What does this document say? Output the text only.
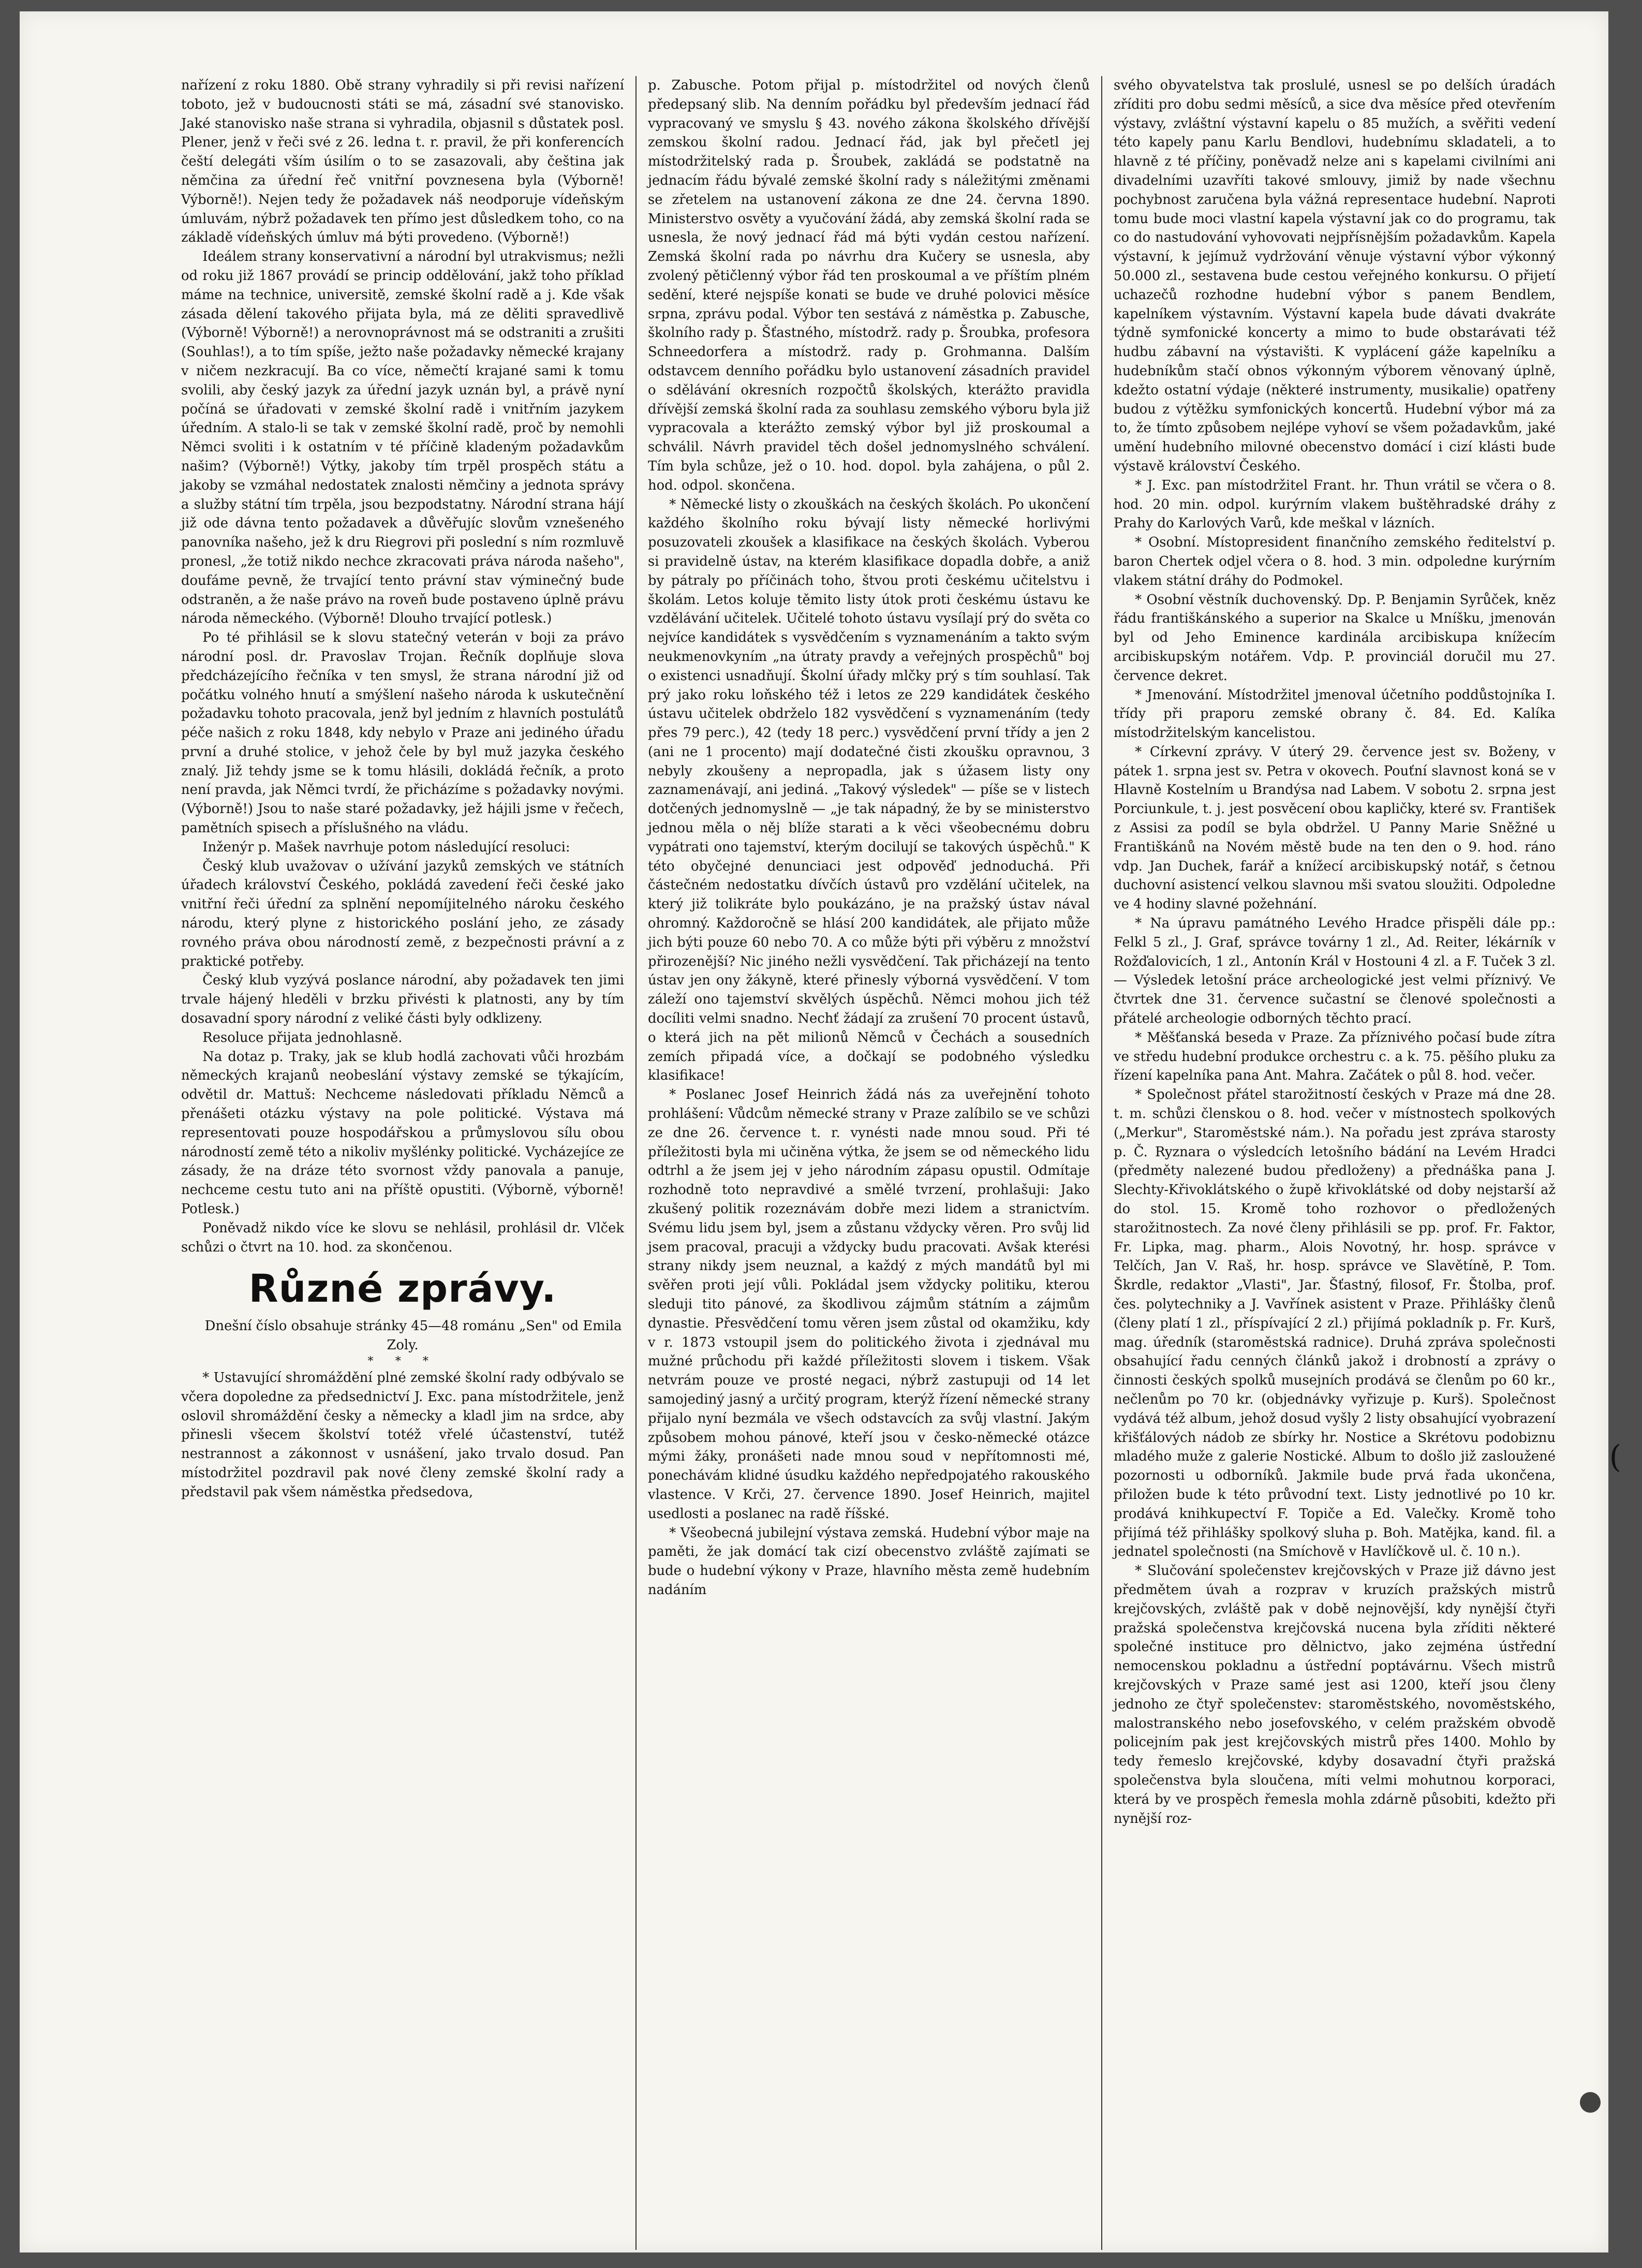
nařízení z roku 1880. Obě strany vyhradily si při revisi nařízení toboto, jež v budoucnosti státi se má, zásadní své stanovisko. Jaké stanovisko naše strana si vyhradila, objasnil s důstatek posl. Plener, jenž v řeči své z 26. ledna t. r. pravil, že při konferencích čeští delegáti vším úsilím o to se zasazovali, aby čeština jak němčina za úřední řeč vnitřní povznesena byla (Výborně! Výborně!). Nejen tedy že požadavek náš neodporuje vídeňským úmluvám, nýbrž požadavek ten přímo jest důsledkem toho, co na základě vídeňských úmluv má býti provedeno. (Výborně!)

Ideálem strany konservativní a národní byl utrakvismus; nežli od roku již 1867 provádí se princip oddělování, jakž toho příklad máme na technice, universitě, zemské školní radě a j. Kde však zásada dělení takového přijata byla, má ze děliti spravedlivě (Výborně! Výborně!) a nerovnoprávnost má se odstraniti a zrušiti (Souhlas!), a to tím spíše, ježto naše požadavky německé krajany v ničem nezkracují. Ba co více, němečtí krajané sami k tomu svolili, aby český jazyk za úřední jazyk uznán byl, a právě nyní počíná se úřadovati v zemské školní radě i vnitřním jazykem úředním. A stalo-li se tak v zemské školní radě, proč by nemohli Němci svoliti i k ostatním v té příčině kladeným požadavkům našim? (Výborně!) Výtky, jakoby tím trpěl prospěch státu a jakoby se vzmáhal nedostatek znalosti němčiny a jednota správy a služby státní tím trpěla, jsou bezpodstatny. Národní strana hájí již ode dávna tento požadavek a důvěřujíc slovům vznešeného panovníka našeho, jež k dru Riegrovi při poslední s ním rozmluvě pronesl, „že totiž nikdo nechce zkracovati práva národa našeho", doufáme pevně, že trvající tento právní stav výminečný bude odstraněn, a že naše právo na roveň bude postaveno úplně právu národa německého. (Výborně! Dlouho trvající potlesk.)

Po té přihlásil se k slovu statečný veterán v boji za právo národní posl. dr. Pravoslav Trojan. Řečník doplňuje slova předcházejícího řečníka v ten smysl, že strana národní již od počátku volného hnutí a smýšlení našeho národa k uskutečnění požadavku tohoto pracovala, jenž byl jedním z hlavních postulátů péče našich z roku 1848, kdy nebylo v Praze ani jediného úřadu první a druhé stolice, v jehož čele by byl muž jazyka českého znalý. Již tehdy jsme se k tomu hlásili, dokládá řečník, a proto není pravda, jak Němci tvrdí, že přicházíme s požadavky novými. (Výborně!) Jsou to naše staré požadavky, jež hájili jsme v řečech, pamětních spisech a příslušného na vládu.

Inženýr p. Mašek navrhuje potom následující resoluci:

Český klub uvažovav o užívání jazyků zemských ve státních úřadech království Českého, pokládá zavedení řeči české jako vnitřní řeči úřední za splnění nepomíjitelného nároku českého národu, který plyne z historického poslání jeho, ze zásady rovného práva obou národností země, z bezpečnosti právní a z praktické potřeby.

Český klub vyzývá poslance národní, aby požadavek ten jimi trvale hájený hleděli v brzku přivésti k platnosti, any by tím dosavadní spory národní z veliké části byly odklizeny.

Resoluce přijata jednohlasně.

Na dotaz p. Traky, jak se klub hodlá zachovati vůči hrozbám německých krajanů neobeslání výstavy zemské se týkajícím, odvětil dr. Mattuš: Nechceme následovati příkladu Němců a přenášeti otázku výstavy na pole politické. Výstava má representovati pouze hospodářskou a průmyslovou sílu obou národností země této a nikoliv myšlénky politické. Vycházejíce ze zásady, že na dráze této svornost vždy panovala a panuje, nechceme cestu tuto ani na příště opustiti. (Výborně, výborně! Potlesk.)

Poněvadž nikdo více ke slovu se nehlásil, prohlásil dr. Vlček schůzi o čtvrt na 10. hod. za skončenou.

Různé zprávy.

Dnešní číslo obsahuje stránky 45—48 románu „Sen" od Emila Zoly.

* * *

* Ustavující shromáždění plné zemské školní rady odbývalo se včera dopoledne za předsednictví J. Exc. pana místodržitele, jenž oslovil shromáždění česky a německy a kladl jim na srdce, aby přinesli všecem školství totéž vřelé účastenství, tutéž nestrannost a zákonnost v usnášení, jako trvalo dosud. Pan místodržitel pozdravil pak nové členy zemské školní rady a představil pak všem náměstka předsedova,

p. Zabusche. Potom přijal p. místodržitel od nových členů předepsaný slib. Na denním pořádku byl především jednací řád vypracovaný ve smyslu § 43. nového zákona školského dřívější zemskou školní radou. Jednací řád, jak byl přečetl jej místodržitelský rada p. Šroubek, zakládá se podstatně na jednacím řádu bývalé zemské školní rady s náležitými změnami se zřetelem na ustanovení zákona ze dne 24. června 1890. Ministerstvo osvěty a vyučování žádá, aby zemská školní rada se usnesla, že nový jednací řád má býti vydán cestou nařízení. Zemská školní rada po návrhu dra Kučery se usnesla, aby zvolený pětičlenný výbor řád ten proskoumal a ve příštím plném sedění, které nejspíše konati se bude ve druhé polovici měsíce srpna, zprávu podal. Výbor ten sestává z náměstka p. Zabusche, školního rady p. Šťastného, místodrž. rady p. Šroubka, profesora Schneedorfera a místodrž. rady p. Grohmanna. Dalším odstavcem denního pořádku bylo ustanovení zásadních pravidel o sdělávání okresních rozpočtů školských, kterážto pravidla dřívější zemská školní rada za souhlasu zemského výboru byla již vypracovala a kterážto zemský výbor byl již proskoumal a schválil. Návrh pravidel těch došel jednomyslného schválení. Tím byla schůze, jež o 10. hod. dopol. byla zahájena, o půl 2. hod. odpol. skončena.

* Německé listy o zkouškách na českých školách. Po ukončení každého školního roku bývají listy německé horlivými posuzovateli zkoušek a klasifikace na českých školách. Vyberou si pravidelně ústav, na kterém klasifikace dopadla dobře, a aniž by pátraly po příčinách toho, štvou proti českému učitelstvu i školám. Letos koluje těmito listy útok proti českému ústavu ke vzdělávání učitelek. Učitelé tohoto ústavu vysílají prý do světa co nejvíce kandidátek s vysvědčením s vyznamenáním a takto svým neukmenovkyním „na útraty pravdy a veřejných prospěchů" boj o existenci usnadňují. Školní úřady mlčky prý s tím souhlasí. Tak prý jako roku loňského též i letos ze 229 kandidátek českého ústavu učitelek obdrželo 182 vysvědčení s vyznamenáním (tedy přes 79 perc.), 42 (tedy 18 perc.) vysvědčení první třídy a jen 2 (ani ne 1 procento) mají dodatečné čisti zkoušku opravnou, 3 nebyly zkoušeny a nepropadla, jak s úžasem listy ony zaznamenávají, ani jediná. „Takový výsledek" — píše se v listech dotčených jednomyslně — „je tak nápadný, že by se ministerstvo jednou měla o něj blíže starati a k věci všeobecnému dobru vypátrati ono tajemství, kterým docilují se takových úspěchů." K této obyčejné denunciaci jest odpověď jednoduchá. Při částečném nedostatku dívčích ústavů pro vzdělání učitelek, na který již tolikráte bylo poukázáno, je na pražský ústav nával ohromný. Každoročně se hlásí 200 kandidátek, ale přijato může jich býti pouze 60 nebo 70. A co může býti při výběru z množství přirozenější? Nic jiného nežli vysvědčení. Tak přicházejí na tento ústav jen ony žákyně, které přinesly výborná vysvědčení. V tom záleží ono tajemství skvělých úspěchů. Němci mohou jich též docíliti velmi snadno. Nechť žádají za zrušení 70 procent ústavů, o která jich na pět milionů Němců v Čechách a sousedních zemích připadá více, a dočkají se podobného výsledku klasifikace!

* Poslanec Josef Heinrich žádá nás za uveřejnění tohoto prohlášení: Vůdcům německé strany v Praze zalíbilo se ve schůzi ze dne 26. července t. r. vynésti nade mnou soud. Při té příležitosti byla mi učiněna výtka, že jsem se od německého lidu odtrhl a že jsem jej v jeho národním zápasu opustil. Odmítaje rozhodně toto nepravdivé a smělé tvrzení, prohlašuji: Jako zkušený politik rozeznávám dobře mezi lidem a stranictvím. Svému lidu jsem byl, jsem a zůstanu vždycky věren. Pro svůj lid jsem pracoval, pracuji a vždycky budu pracovati. Avšak kterési strany nikdy jsem neuznal, a každý z mých mandátů byl mi svěřen proti její vůli. Pokládal jsem vždycky politiku, kterou sleduji tito pánové, za škodlivou zájmům státním a zájmům dynastie. Přesvědčení tomu věren jsem zůstal od okamžiku, kdy v r. 1873 vstoupil jsem do politického života i zjednával mu mužné průchodu při každé příležitosti slovem i tiskem. Však netvrám pouze ve prosté negaci, nýbrž zastupuji od 14 let samojediný jasný a určitý program, kterýž řízení německé strany přijalo nyní bezmála ve všech odstavcích za svůj vlastní. Jakým způsobem mohou pánové, kteří jsou v česko-německé otázce mými žáky, pronášeti nade mnou soud v nepřítomnosti mé, ponechávám klidné úsudku každého nepředpojatého rakouského vlastence. V Krči, 27. července 1890. Josef Heinrich, majitel usedlosti a poslanec na radě říšské.

* Všeobecná jubilejní výstava zemská. Hudební výbor maje na paměti, že jak domácí tak cizí obecenstvo zvláště zajímati se bude o hudební výkony v Praze, hlavního města země hudebním nadáním

svého obyvatelstva tak proslulé, usnesl se po delších úradách zříditi pro dobu sedmi měsíců, a sice dva měsíce před otevřením výstavy, zvláštní výstavní kapelu o 85 mužích, a svěřiti vedení této kapely panu Karlu Bendlovi, hudebnímu skladateli, a to hlavně z té příčiny, poněvadž nelze ani s kapelami civilními ani divadelními uzavříti takové smlouvy, jimiž by nade všechnu pochybnost zaručena byla vážná representace hudební. Naproti tomu bude moci vlastní kapela výstavní jak co do programu, tak co do nastudování vyhovovati nejpřísnějším požadavkům. Kapela výstavní, k jejímuž vydržování věnuje výstavní výbor výkonný 50.000 zl., sestavena bude cestou veřejného konkursu. O přijetí uchazečů rozhodne hudební výbor s panem Bendlem, kapelníkem výstavním. Výstavní kapela bude dávati dvakráte týdně symfonické koncerty a mimo to bude obstarávati též hudbu zábavní na výstavišti. K vyplácení gáže kapelníku a hudebníkům stačí obnos výkonným výborem věnovaný úplně, kdežto ostatní výdaje (některé instrumenty, musikalie) opatřeny budou z výtěžku symfonických koncertů. Hudební výbor má za to, že tímto způsobem nejlépe vyhoví se všem požadavkům, jaké umění hudebního milovné obecenstvo domácí i cizí klásti bude výstavě království Českého.

* J. Exc. pan místodržitel Frant. hr. Thun vrátil se včera o 8. hod. 20 min. odpol. kurýrním vlakem buštěhradské dráhy z Prahy do Karlových Varů, kde meškal v lázních.

* Osobní. Místopresident finančního zemského ředitelství p. baron Chertek odjel včera o 8. hod. 3 min. odpoledne kurýrním vlakem státní dráhy do Podmokel.

* Osobní věstník duchovenský. Dp. P. Benjamin Syrůček, kněz řádu františkánského a superior na Skalce u Mníšku, jmenován byl od Jeho Eminence kardinála arcibiskupa knížecím arcibiskupským notářem. Vdp. P. provinciál doručil mu 27. července dekret.

* Jmenování. Místodržitel jmenoval účetního poddůstojníka I. třídy při praporu zemské obrany č. 84. Ed. Kalíka místodržitelským kancelistou.

* Církevní zprávy. V úterý 29. července jest sv. Boženy, v pátek 1. srpna jest sv. Petra v okovech. Pouťní slavnost koná se v Hlavně Kostelním u Brandýsa nad Labem. V sobotu 2. srpna jest Porciunkule, t. j. jest posvěcení obou kapličky, které sv. František z Assisi za podíl se byla obdržel. U Panny Marie Sněžné u Františkánů na Novém městě bude na ten den o 9. hod. ráno vdp. Jan Duchek, farář a knížecí arcibiskupský notář, s četnou duchovní asistencí velkou slavnou mši svatou sloužiti. Odpoledne ve 4 hodiny slavné požehnání.

* Na úpravu památného Levého Hradce přispěli dále pp.: Felkl 5 zl., J. Graf, správce továrny 1 zl., Ad. Reiter, lékárník v Rožďalovicích, 1 zl., Antonín Král v Hostouni 4 zl. a F. Tuček 3 zl. — Výsledek letošní práce archeologické jest velmi příznivý. Ve čtvrtek dne 31. července sučastní se členové společnosti a přátelé archeologie odborných těchto prací.

* Měšťanská beseda v Praze. Za příznivého počasí bude zítra ve středu hudební produkce orchestru c. a k. 75. pěšího pluku za řízení kapelníka pana Ant. Mahra. Začátek o půl 8. hod. večer.

* Společnost přátel starožitností českých v Praze má dne 28. t. m. schůzi členskou o 8. hod. večer v místnostech spolkových („Merkur", Staroměstské nám.). Na pořadu jest zpráva starosty p. Č. Ryznara o výsledcích letošního bádání na Levém Hradci (předměty nalezené budou předloženy) a přednáška pana J. Slechty-Křivoklátského o župě křivoklátské od doby nejstarší až do stol. 15. Kromě toho rozhovor o předložených starožitnostech. Za nové členy přihlásili se pp. prof. Fr. Faktor, Fr. Lipka, mag. pharm., Alois Novotný, hr. hosp. správce v Telčích, Jan V. Raš, hr. hosp. správce ve Slavětíně, P. Tom. Škrdle, redaktor „Vlasti", Jar. Šťastný, filosof, Fr. Štolba, prof. čes. polytechniky a J. Vavřínek asistent v Praze. Přihlášky členů (členy platí 1 zl., příspívající 2 zl.) přijímá pokladník p. Fr. Kurš, mag. úředník (staroměstská radnice). Druhá zpráva společnosti obsahující řadu cenných článků jakož i drobností a zprávy o činnosti českých spolků musejních prodává se členům po 60 kr., nečlenům po 70 kr. (objednávky vyřizuje p. Kurš). Společnost vydává též album, jehož dosud vyšly 2 listy obsahující vyobrazení křišťálových nádob ze sbírky hr. Nostice a Skrétovu podobiznu mladého muže z galerie Nostické. Album to došlo již zasloužené pozornosti u odborníků. Jakmile bude prvá řada ukončena, přiložen bude k této průvodní text. Listy jednotlivé po 10 kr. prodává knihkupectví F. Topiče a Ed. Valečky. Kromě toho přijímá též přihlášky spolkový sluha p. Boh. Matějka, kand. fil. a jednatel společnosti (na Smíchově v Havlíčkově ul. č. 10 n.).

* Slučování společenstev krejčovských v Praze již dávno jest předmětem úvah a rozprav v kruzích pražských mistrů krejčovských, zvláště pak v době nejnovější, kdy nynější čtyři pražská společenstva krejčovská nucena byla zříditi některé společné instituce pro dělnictvo, jako zejména ústřední nemocenskou pokladnu a ústřední poptávárnu. Všech mistrů krejčovských v Praze samé jest asi 1200, kteří jsou členy jednoho ze čtyř společenstev: staroměstského, novoměstského, malostranského nebo josefovského, v celém pražském obvodě policejním pak jest krejčovských mistrů přes 1400. Mohlo by tedy řemeslo krejčovské, kdyby dosavadní čtyři pražská společenstva byla sloučena, míti velmi mohutnou korporaci, která by ve prospěch řemesla mohla zdárně působiti, kdežto při nynější roz-

(
